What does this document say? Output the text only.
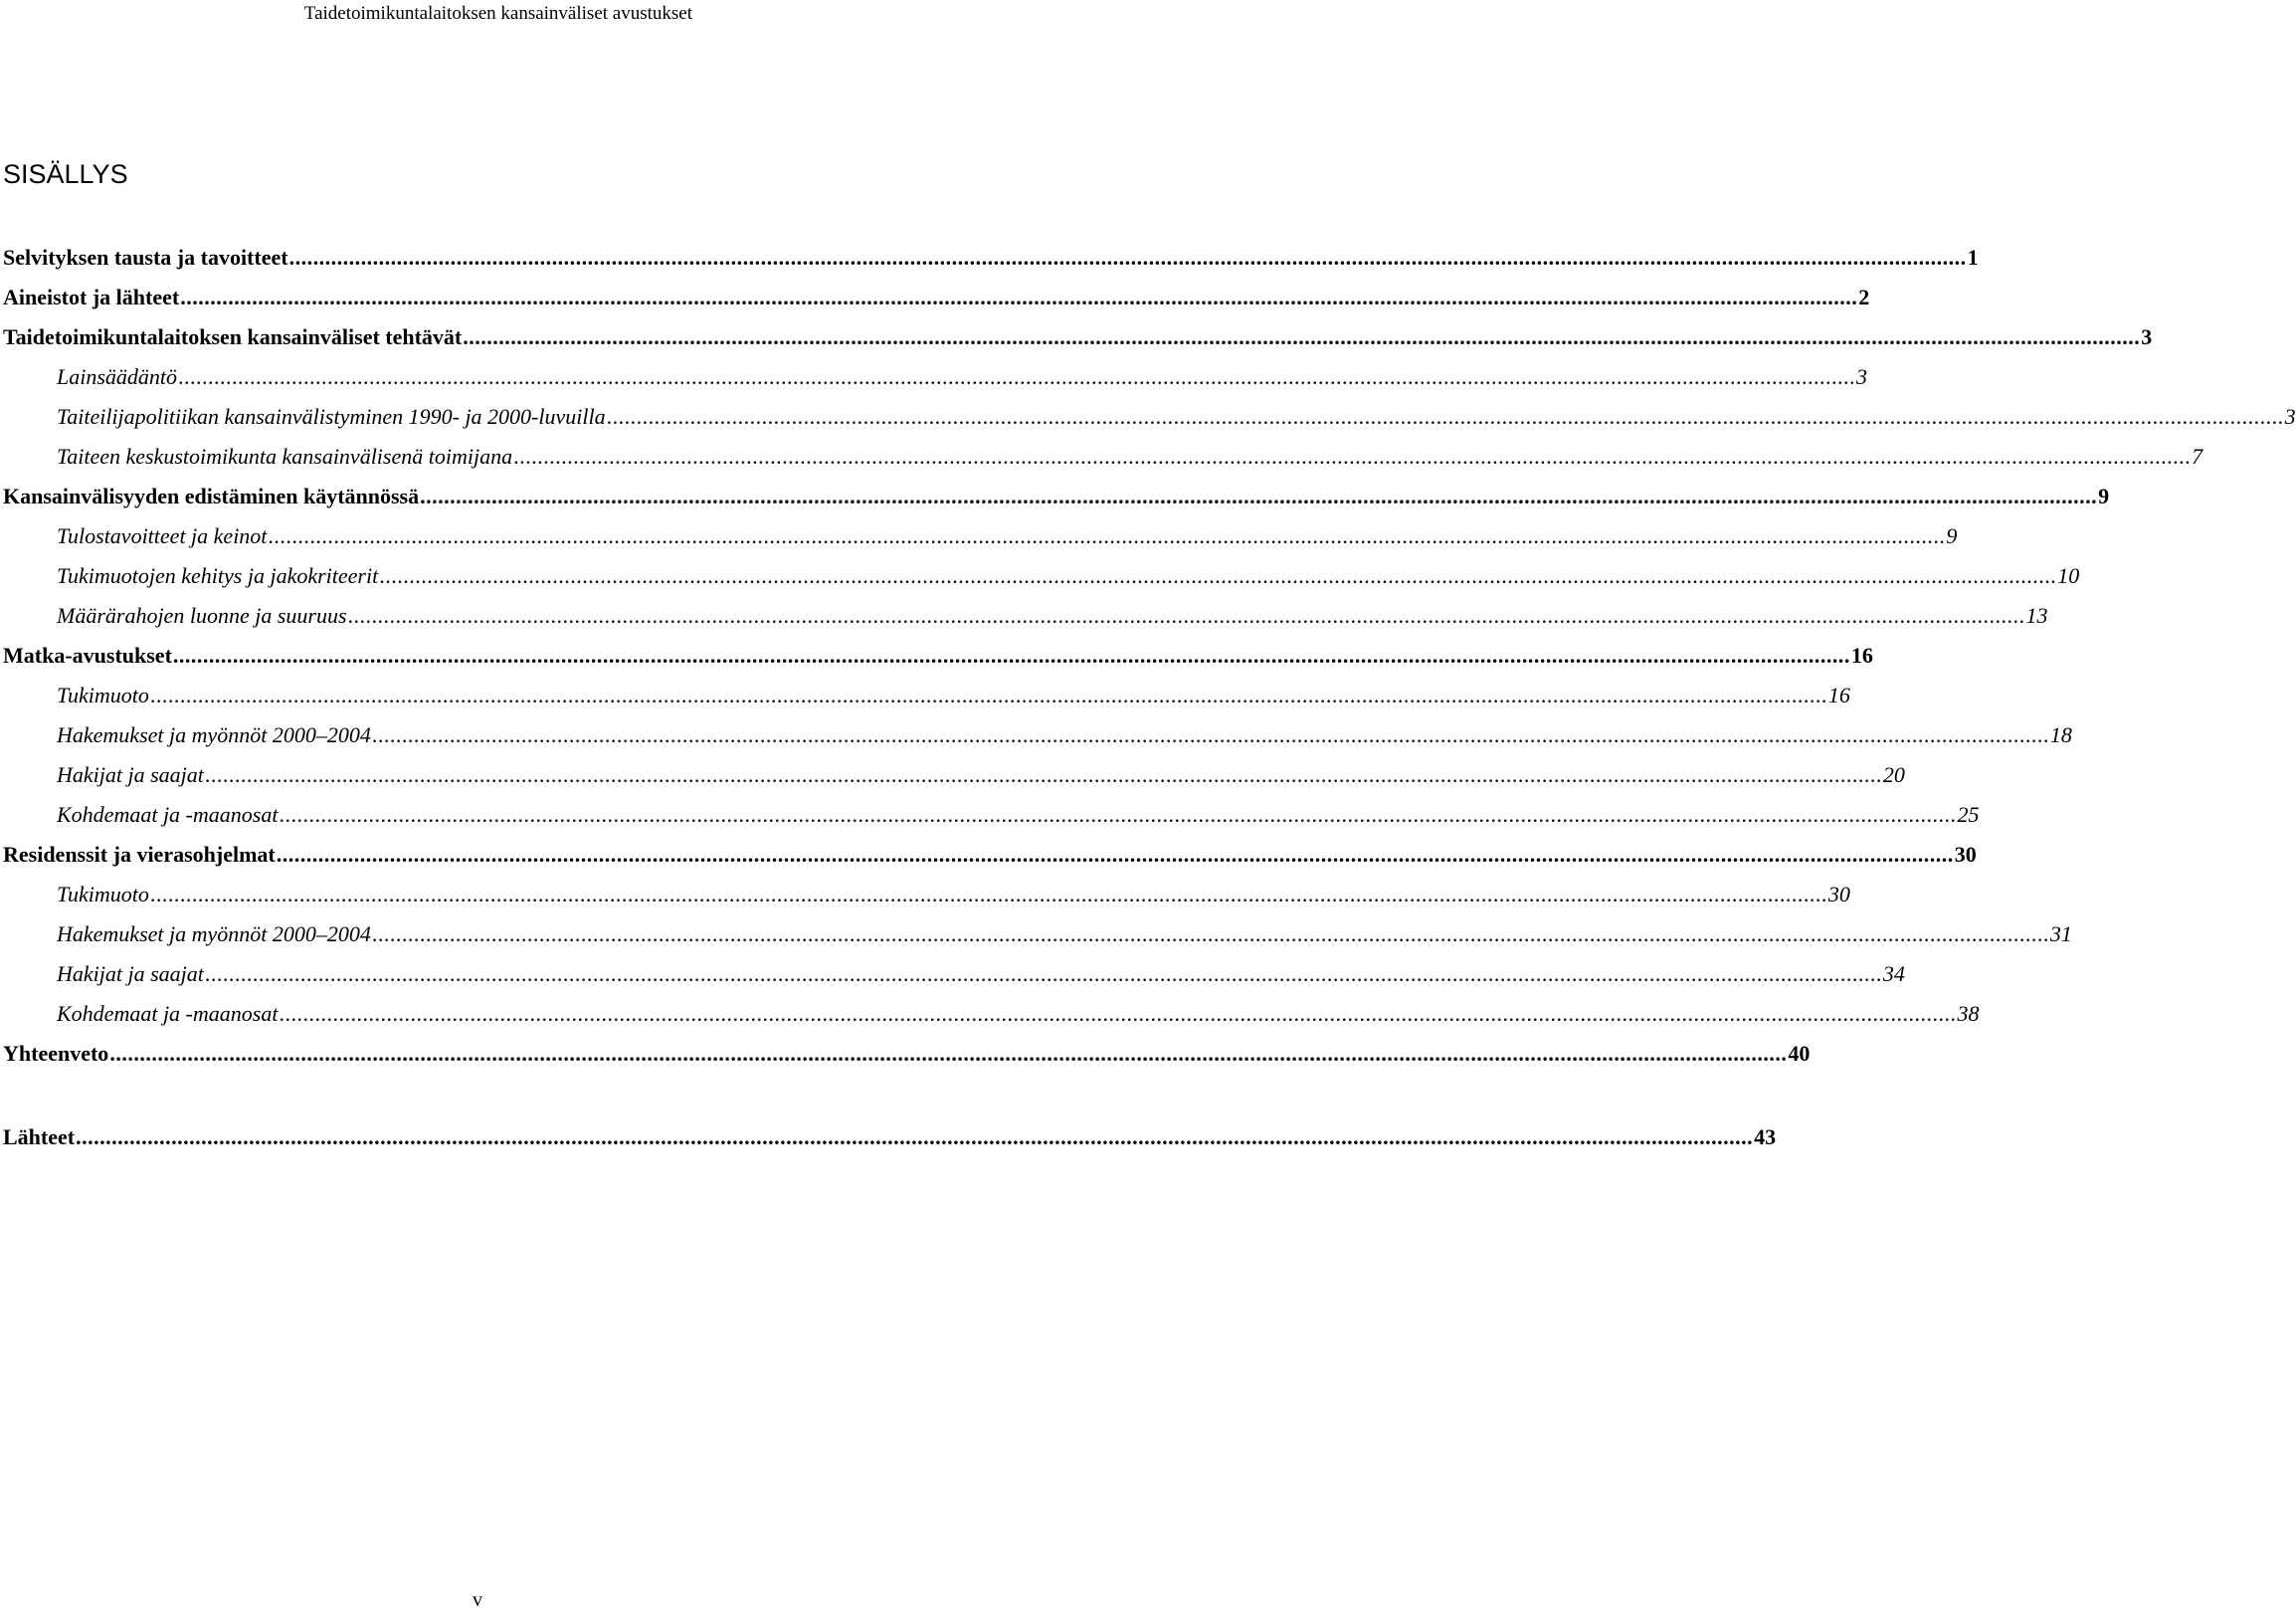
Taidetoimikuntalaitoksen kansainväliset avustukset
SISÄLLYS
Selvityksen tausta ja tavoitteet .....	1
Aineistot ja lähteet .....	2
Taidetoimikuntalaitoksen kansainväliset tehtävät .....	3
Lainsäädäntö .....	3
Taiteilijapolitiikan kansainvälistyminen 1990- ja 2000-luvuilla .....	3
Taiteen keskustoimikunta kansainvälisenä toimijana .....	7
Kansainvälisyyden edistäminen käytännössä .....	9
Tulostavoitteet ja keinot .....	9
Tukimuotojen kehitys ja jakokriteerit .....	10
Määrärahojen luonne ja suuruus .....	13
Matka-avustukset .....	16
Tukimuoto .....	16
Hakemukset ja myönnöt 2000–2004 .....	18
Hakijat ja saajat .....	20
Kohdemaat ja -maanosat .....	25
Residenssit ja vierasohjelmat .....	30
Tukimuoto .....	30
Hakemukset ja myönnöt 2000–2004 .....	31
Hakijat ja saajat .....	34
Kohdemaat ja -maanosat .....	38
Yhteenveto .....	40
Lähteet .....	43
v
